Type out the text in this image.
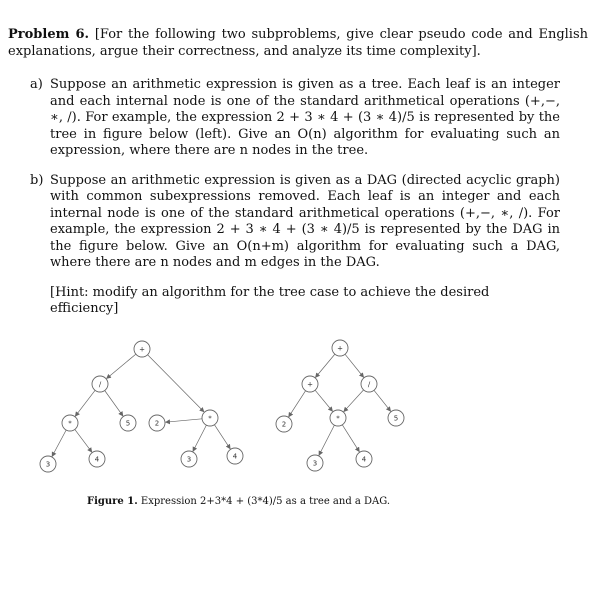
Problem 6. [For the following two subproblems, give clear pseudo code and English explanations, argue their correctness, and analyze its time complexity].
a) Suppose an arithmetic expression is given as a tree. Each leaf is an integer and each internal node is one of the standard arithmetical operations (+,−, ∗, /). For example, the expression 2 + 3 ∗ 4 + (3 ∗ 4)/5 is represented by the tree in figure below (left). Give an O(n) algorithm for evaluating such an expression, where there are n nodes in the tree.
b) Suppose an arithmetic expression is given as a DAG (directed acyclic graph) with common subexpressions removed. Each leaf is an integer and each internal node is one of the standard arithmetical operations (+,−, ∗, /). For example, the expression 2 + 3 ∗ 4 + (3 ∗ 4)/5 is represented by the DAG in the figure below. Give an O(n+m) algorithm for evaluating such a DAG, where there are n nodes and m edges in the DAG.
[Hint: modify an algorithm for the tree case to achieve the desired efficiency]
+
/
*	5	2
*
3
4	3	4
+
+	/
*
2
5
3	4
Figure 1. Expression 2+3*4 + (3*4)/5 as a tree and a DAG.
